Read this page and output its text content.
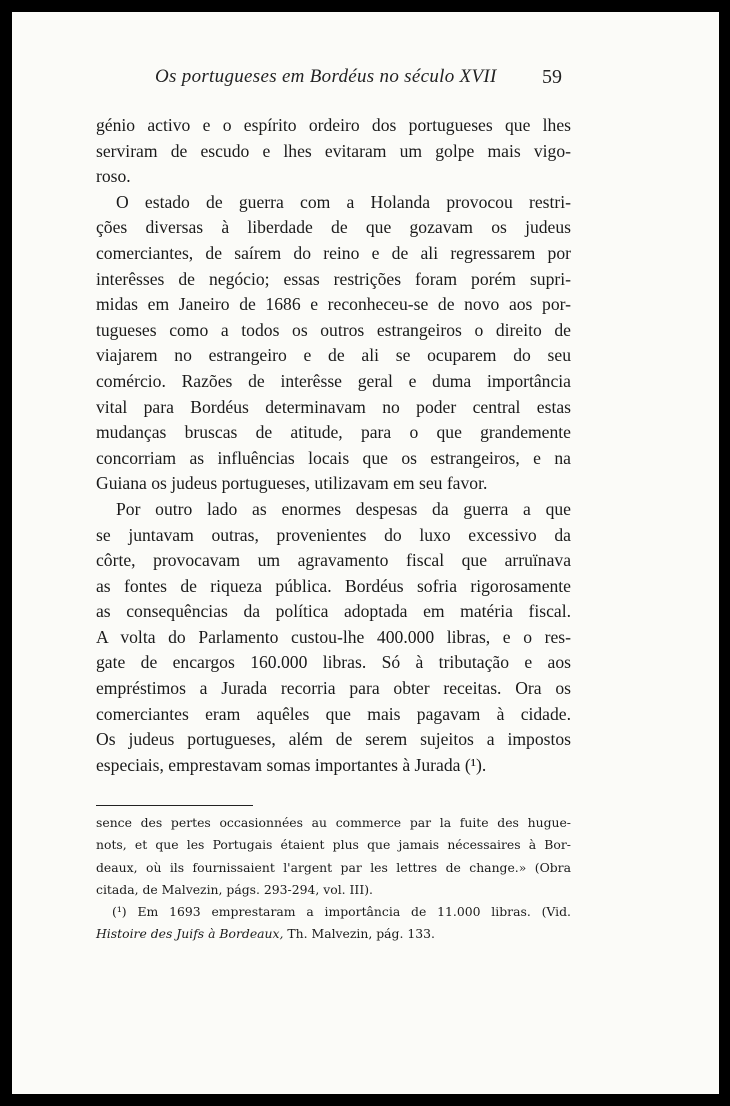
Os portugueses em Bordéus no século XVII 59

génio activo e o espírito ordeiro dos portugueses que lhes
serviram de escudo e lhes evitaram um golpe mais vigo-
roso.

O estado de guerra com a Holanda provocou restri-
ções diversas à liberdade de que gozavam os judeus
comerciantes, de saírem do reino e de ali regressarem por
interêsses de negócio; essas restrições foram porém supri-
midas em Janeiro de 1686 e reconheceu-se de novo aos por-
tugueses como a todos os outros estrangeiros o direito de
viajarem no estrangeiro e de ali se ocuparem do seu
comércio. Razões de interêsse geral e duma importância
vital para Bordéus determinavam no poder central estas
mudanças bruscas de atitude, para o que grandemente
concorriam as influências locais que os estrangeiros, e na
Guiana os judeus portugueses, utilizavam em seu favor.

Por outro lado as enormes despesas da guerra a que
se juntavam outras, provenientes do luxo excessivo da
côrte, provocavam um agravamento fiscal que arruïnava
as fontes de riqueza pública. Bordéus sofria rigorosamente
as consequências da política adoptada em matéria fiscal.
A volta do Parlamento custou-lhe 400.000 libras, e o res-
gate de encargos 160.000 libras. Só à tributação e aos
empréstimos a Jurada recorria para obter receitas. Ora os
comerciantes eram aquêles que mais pagavam à cidade.
Os judeus portugueses, além de serem sujeitos a impostos
especiais, emprestavam somas importantes à Jurada (¹).

sence des pertes occasionnées au commerce par la fuite des hugue-
nots, et que les Portugais étaient plus que jamais nécessaires à Bor-
deaux, où ils fournissaient l'argent par les lettres de change.» (Obra
citada, de Malvezin, págs. 293-294, vol. III).
(¹) Em 1693 emprestaram a importância de 11.000 libras. (Vid.
Histoire des Juifs à Bordeaux, Th. Malvezin, pág. 133.
